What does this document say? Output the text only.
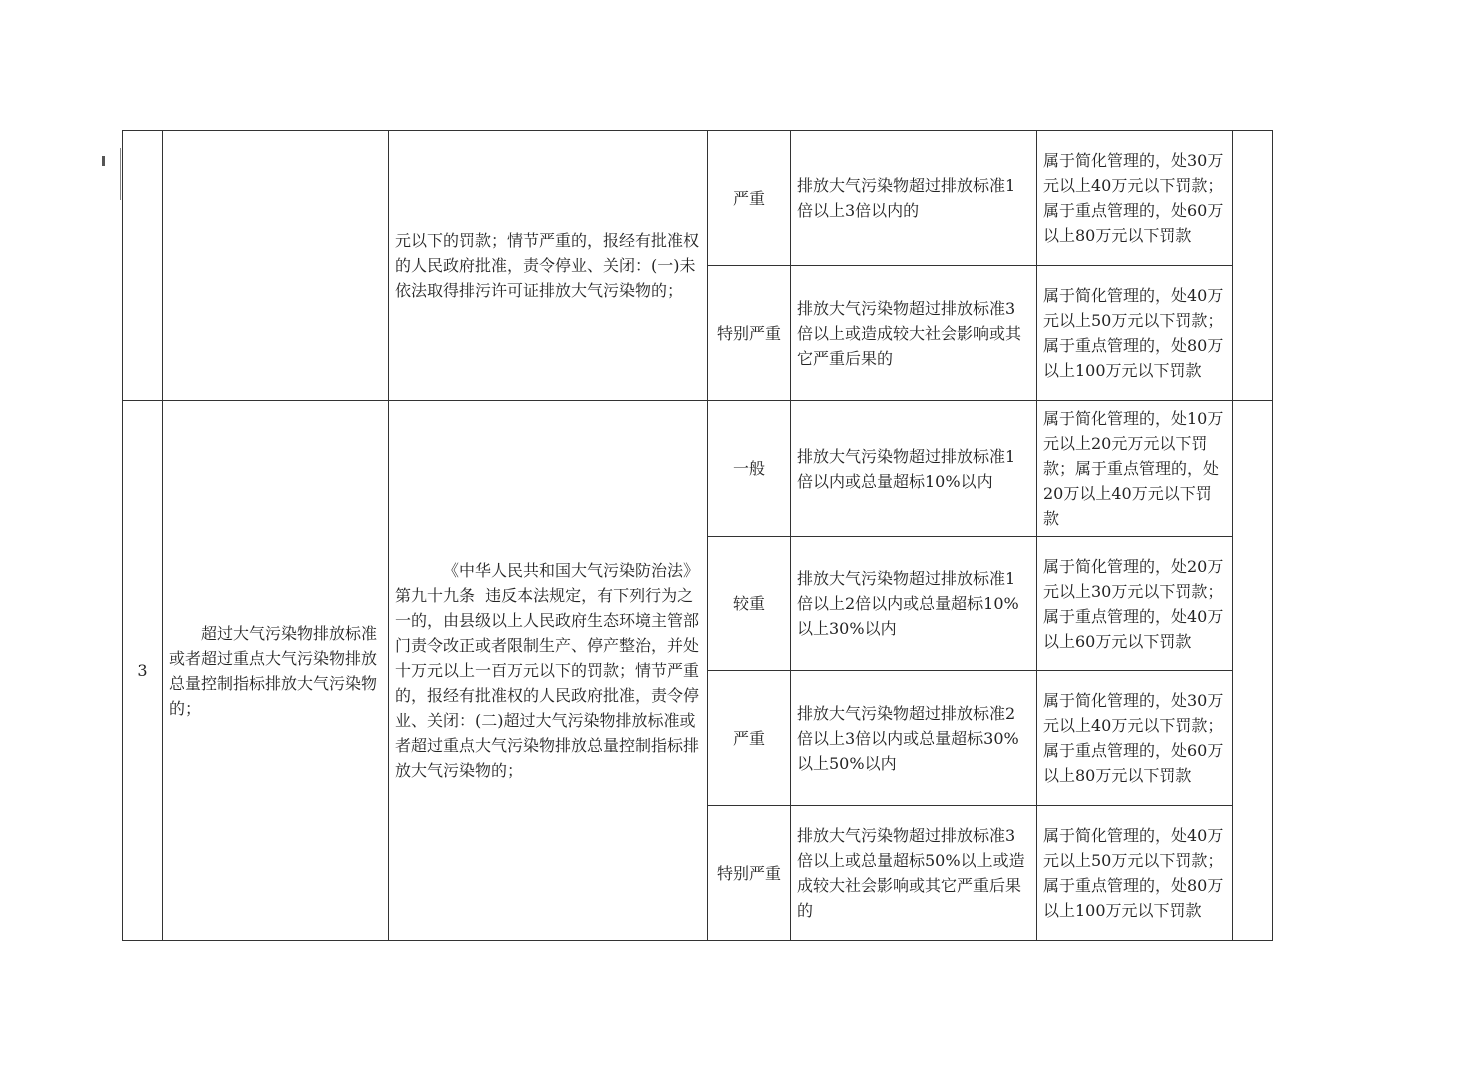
		元以下的罚款；情节严重的，报经有批准权的人民政府批准，责令停业、关闭：(一)未依法取得排污许可证排放大气污染物的；	严重	排放大气污染物超过排放标准1倍以上3倍以内的	属于简化管理的，处30万元以上40万元以下罚款；属于重点管理的，处60万以上80万元以下罚款	
			特别严重	排放大气污染物超过排放标准3倍以上或造成较大社会影响或其它严重后果的	属于简化管理的，处40万元以上50万元以下罚款；属于重点管理的，处80万以上100万元以下罚款	
3	超过大气污染物排放标准或者超过重点大气污染物排放总量控制指标排放大气污染物的；	《中华人民共和国大气污染防治法》第九十九条  违反本法规定，有下列行为之一的，由县级以上人民政府生态环境主管部门责令改正或者限制生产、停产整治，并处十万元以上一百万元以下的罚款；情节严重的，报经有批准权的人民政府批准，责令停业、关闭：(二)超过大气污染物排放标准或者超过重点大气污染物排放总量控制指标排放大气污染物的；	一般	排放大气污染物超过排放标准1倍以内或总量超标10%以内	属于简化管理的，处10万元以上20元万元以下罚款；属于重点管理的，处20万以上40万元以下罚款	
			较重	排放大气污染物超过排放标准1倍以上2倍以内或总量超标10%以上30%以内	属于简化管理的，处20万元以上30万元以下罚款；属于重点管理的，处40万以上60万元以下罚款	
			严重	排放大气污染物超过排放标准2倍以上3倍以内或总量超标30%以上50%以内	属于简化管理的，处30万元以上40万元以下罚款；属于重点管理的，处60万以上80万元以下罚款	
			特别严重	排放大气污染物超过排放标准3倍以上或总量超标50%以上或造成较大社会影响或其它严重后果的	属于简化管理的，处40万元以上50万元以下罚款；属于重点管理的，处80万以上100万元以下罚款	
